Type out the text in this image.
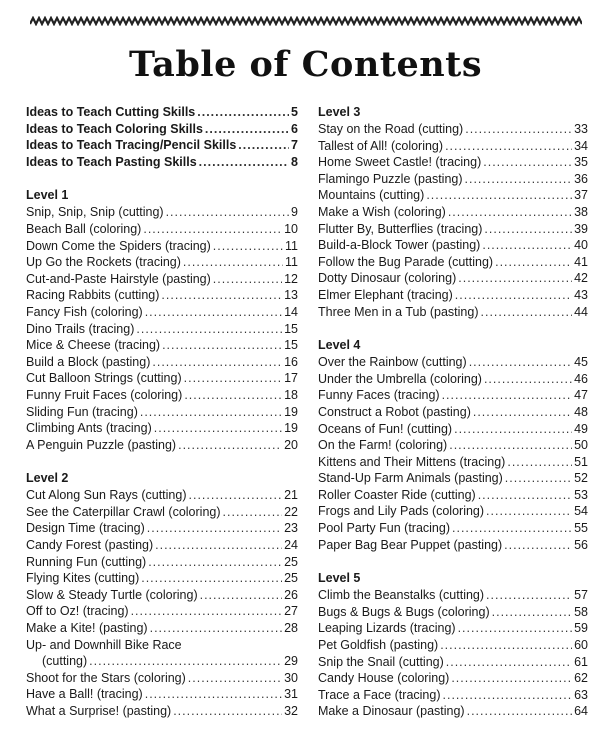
Table of Contents
Ideas to Teach Cutting Skills .....	5
Ideas to Teach Coloring Skills .....	6
Ideas to Teach Tracing/Pencil Skills .....	7
Ideas to Teach Pasting Skills .....	8
Level 1
Snip, Snip, Snip (cutting) .....	9
Beach Ball (coloring) .....	10
Down Come the Spiders (tracing) .....	11
Up Go the Rockets (tracing) .....	11
Cut-and-Paste Hairstyle (pasting) .....	12
Racing Rabbits (cutting) .....	13
Fancy Fish (coloring) .....	14
Dino Trails (tracing) .....	15
Mice & Cheese (tracing) .....	15
Build a Block (pasting) .....	16
Cut Balloon Strings (cutting) .....	17
Funny Fruit Faces (coloring) .....	18
Sliding Fun (tracing) .....	19
Climbing Ants (tracing) .....	19
A Penguin Puzzle (pasting) .....	20
Level 2
Cut Along Sun Rays (cutting) .....	21
See the Caterpillar Crawl (coloring) .....	22
Design Time (tracing) .....	23
Candy Forest (pasting) .....	24
Running Fun (cutting) .....	25
Flying Kites (cutting) .....	25
Slow & Steady Turtle (coloring) .....	26
Off to Oz! (tracing) .....	27
Make a Kite! (pasting) .....	28
Up- and Downhill Bike Race
(cutting) .....	29
Shoot for the Stars (coloring) .....	30
Have a Ball! (tracing) .....	31
What a Surprise! (pasting) .....	32
Level 3
Stay on the Road (cutting) .....	33
Tallest of All! (coloring) .....	34
Home Sweet Castle! (tracing) .....	35
Flamingo Puzzle (pasting) .....	36
Mountains (cutting) .....	37
Make a Wish (coloring) .....	38
Flutter By, Butterflies (tracing) .....	39
Build-a-Block Tower (pasting) .....	40
Follow the Bug Parade (cutting) .....	41
Dotty Dinosaur (coloring) .....	42
Elmer Elephant (tracing) .....	43
Three Men in a Tub (pasting) .....	44
Level 4
Over the Rainbow (cutting) .....	45
Under the Umbrella (coloring) .....	46
Funny Faces (tracing) .....	47
Construct a Robot (pasting) .....	48
Oceans of Fun! (cutting) .....	49
On the Farm! (coloring) .....	50
Kittens and Their Mittens (tracing) .....	51
Stand-Up Farm Animals (pasting) .....	52
Roller Coaster Ride (cutting) .....	53
Frogs and Lily Pads (coloring) .....	54
Pool Party Fun (tracing) .....	55
Paper Bag Bear Puppet (pasting) .....	56
Level 5
Climb the Beanstalks (cutting) .....	57
Bugs & Bugs & Bugs (coloring) .....	58
Leaping Lizards (tracing) .....	59
Pet Goldfish (pasting) .....	60
Snip the Snail (cutting) .....	61
Candy House (coloring) .....	62
Trace a Face (tracing) .....	63
Make a Dinosaur (pasting) .....	64
